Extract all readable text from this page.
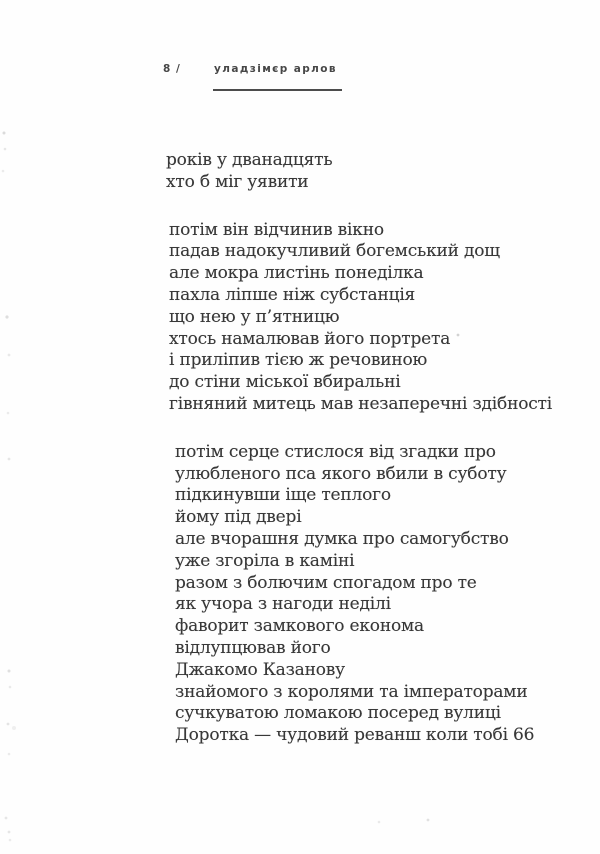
8 /	уладзімєр арлов
років у дванадцять
хто б міг уявити
потім він відчинив вікно
падав надокучливий богемський дощ
але мокра листінь понеділка
пахла ліпше ніж субстанція
що нею у п’ятницю
хтось намалював його портрета
і приліпив тією ж речовиною
до стіни міської вбиральні
гівняний митець мав незаперечні здібності
потім серце стислося від згадки про
улюбленого пса якого вбили в суботу
підкинувши іще теплого
йому під двері
але вчорашня думка про самогубство
уже згоріла в каміні
разом з болючим спогадом про те
як учора з нагоди неділі
фаворит замкового економа
відлупцював його
Джакомо Казанову
знайомого з королями та імператорами
сучкуватою ломакою посеред вулиці
Доротка — чудовий реванш коли тобі 66
